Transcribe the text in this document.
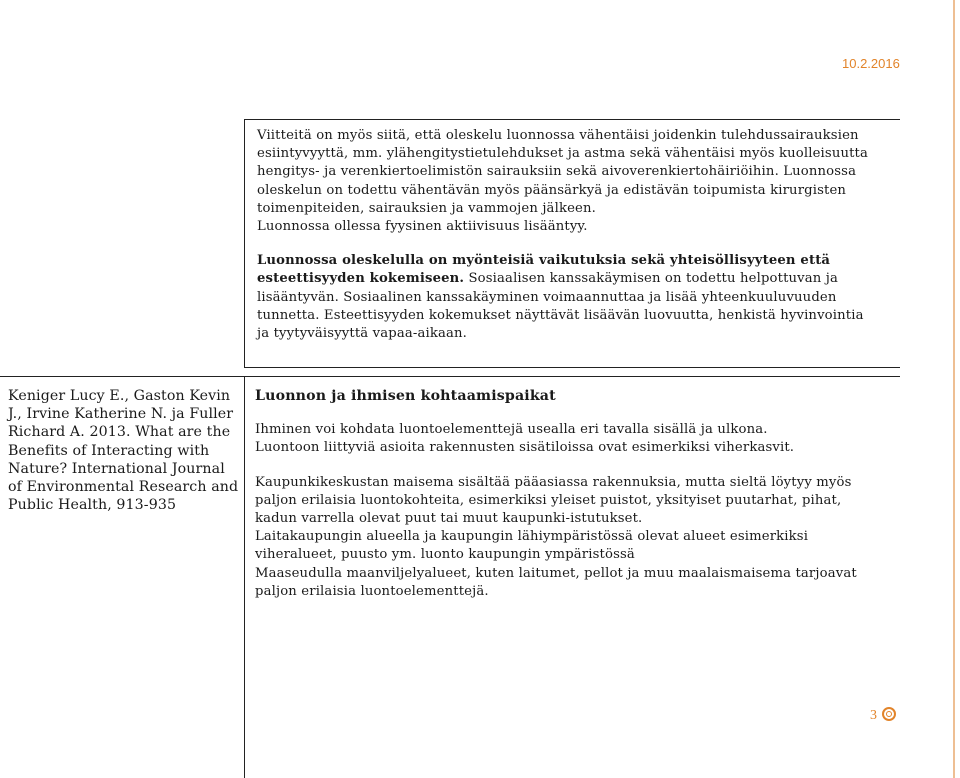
10.2.2016

Viitteitä on myös siitä, että oleskelu luonnossa vähentäisi joidenkin tulehdussairauksien
esiintyvyyttä, mm. ylähengitystietulehdukset ja astma sekä vähentäisi myös kuolleisuutta
hengitys- ja verenkiertoelimistön sairauksiin sekä aivoverenkiertohäiriöihin. Luonnossa
oleskelun on todettu vähentävän myös päänsärkyä ja edistävän toipumista kirurgisten
toimenpiteiden, sairauksien ja vammojen jälkeen.
Luonnossa ollessa fyysinen aktiivisuus lisääntyy.

Luonnossa oleskelulla on myönteisiä vaikutuksia sekä yhteisöllisyyteen että
esteettisyyden kokemiseen. Sosiaalisen kanssakäymisen on todettu helpottuvan ja
lisääntyvän. Sosiaalinen kanssakäyminen voimaannuttaa ja lisää yhteenkuuluvuuden
tunnetta. Esteettisyyden kokemukset näyttävät lisäävän luovuutta, henkistä hyvinvointia
ja tyytyväisyyttä vapaa-aikaan.

Keniger Lucy E., Gaston Kevin
J., Irvine Katherine N. ja Fuller
Richard A. 2013. What are the
Benefits of Interacting with
Nature? International Journal
of Environmental Research and
Public Health, 913-935

Luonnon ja ihmisen kohtaamispaikat

Ihminen voi kohdata luontoelementtejä usealla eri tavalla sisällä ja ulkona.
Luontoon liittyviä asioita rakennusten sisätiloissa ovat esimerkiksi viherkasvit.

Kaupunkikeskustan maisema sisältää pääasiassa rakennuksia, mutta sieltä löytyy myös
paljon erilaisia luontokohteita, esimerkiksi yleiset puistot, yksityiset puutarhat, pihat,
kadun varrella olevat puut tai muut kaupunki-istutukset.
Laitakaupungin alueella ja kaupungin lähiympäristössä olevat alueet esimerkiksi
viheralueet, puusto ym. luonto kaupungin ympäristössä
Maaseudulla maanviljelyalueet, kuten laitumet, pellot ja muu maalaismaisema tarjoavat
paljon erilaisia luontoelementtejä.

3
